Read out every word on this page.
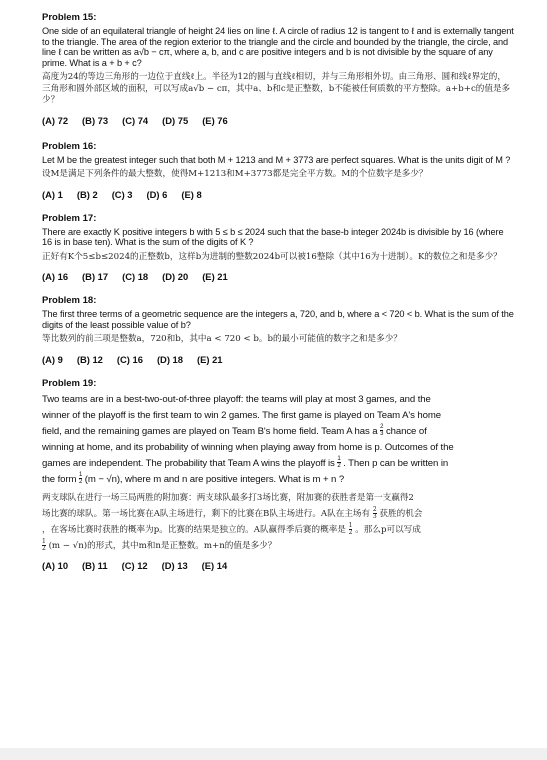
Problem 15:

One side of an equilateral triangle of height 24 lies on line ℓ. A circle of radius 12 is tangent to ℓ and is externally tangent to the triangle. The area of the region exterior to the triangle and the circle and bounded by the triangle, the circle, and line ℓ can be written as a√b − cπ, where a, b, and c are positive integers and b is not divisible by the square of any prime. What is a + b + c?

高度为24的等边三角形的一边位于直线ℓ上。半径为12的圆与直线ℓ相切，并与三角形相外切。由三角形、圆和线ℓ界定的，三角形和圆外部区域的面积，可以写成a√b − cπ，其中a、b和c是正整数，b不能被任何质数的平方整除。a+b+c的值是多少？

(A) 72 (B) 73 (C) 74 (D) 75 (E) 76

Problem 16:

Let M be the greatest integer such that both M + 1213 and M + 3773 are perfect squares. What is the units digit of M ?

设M是满足下列条件的最大整数，使得M+1213和M+3773都是完全平方数。M的个位数字是多少？

(A) 1 (B) 2 (C) 3 (D) 6 (E) 8

Problem 17:

There are exactly K positive integers b with 5 ≤ b ≤ 2024 such that the base-b integer 2024b is divisible by 16 (where 16 is in base ten). What is the sum of the digits of K ?

正好有K个5≤b≤2024的正整数b，这样b为进制的整数2024b可以被16整除（其中16为十进制）。K的数位之和是多少？

(A) 16 (B) 17 (C) 18 (D) 20 (E) 21

Problem 18:

The first three terms of a geometric sequence are the integers a, 720, and b, where a < 720 < b. What is the sum of the digits of the least possible value of b?

等比数列的前三项是整数a，720和b，其中a < 720 < b。b的最小可能值的数字之和是多少？

(A) 9 (B) 12 (C) 16 (D) 18 (E) 21

Problem 19:

Two teams are in a best-two-out-of-three playoff: the teams will play at most 3 games, and the
winner of the playoff is the first team to win 2 games. The first game is played on Team A's home
field, and the remaining games are played on Team B's home field. Team A has a $\frac{2}{3}$ chance of
winning at home, and its probability of winning when playing away from home is p. Outcomes of the
games are independent. The probability that Team A wins the playoff is $\frac{1}{2}$ . Then p can be written in
the form $\frac{1}{2} (m - √n)$, where m and n are positive integers. What is m + n ?
两支球队在进行一场三局两胜的附加赛：两支球队最多打3场比赛，附加赛的获胜者是第一支赢得2
场比赛的球队。第一场比赛在A队主场进行，剩下的比赛在B队主场进行。A队在主场有 $\frac{2}{3}$ 获胜的机会
，在客场比赛时获胜的概率为p。比赛的结果是独立的。A队赢得季后赛的概率是 $\frac{1}{2}$ 。那么p可以写成
$\frac{1}{2} (m - √n)$的形式，其中m和n是正整数。m+n的值是多少？
(A) 10 (B) 11 (C) 12 (D) 13 (E) 14
